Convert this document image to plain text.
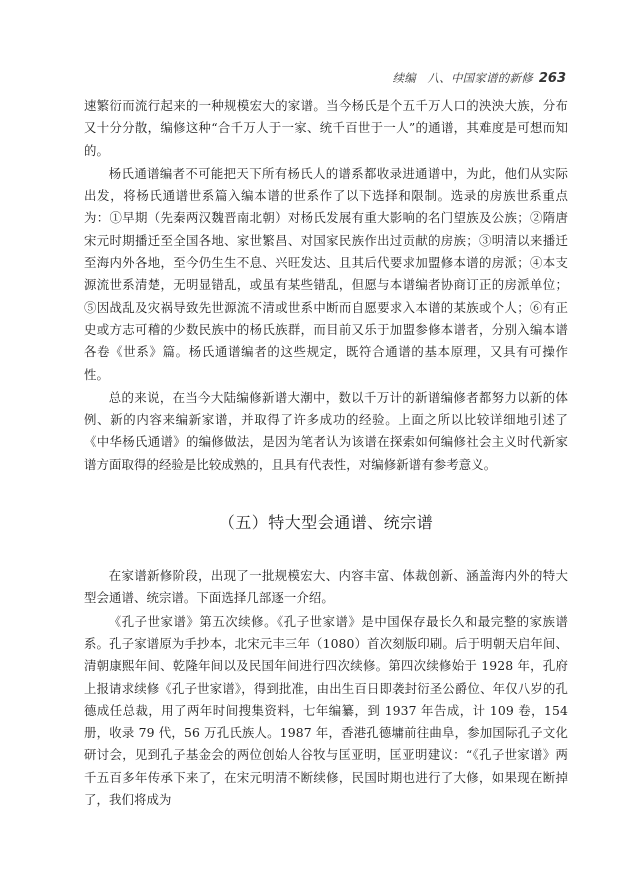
续编　八、中国家谱的新修 263

速繁衍而流行起来的一种规模宏大的家谱。当今杨氏是个五千万人口的泱泱大族，分布又十分分散，编修这种“合千万人于一家、统千百世于一人”的通谱，其难度是可想而知的。

杨氏通谱编者不可能把天下所有杨氏人的谱系都收录进通谱中，为此，他们从实际出发，将杨氏通谱世系篇入编本谱的世系作了以下选择和限制。选录的房族世系重点为：①早期（先秦两汉魏晋南北朝）对杨氏发展有重大影响的名门望族及公族；②隋唐宋元时期播迁至全国各地、家世繁昌、对国家民族作出过贡献的房族；③明清以来播迁至海内外各地，至今仍生生不息、兴旺发达、且其后代要求加盟修本谱的房派；④本支源流世系清楚，无明显错乱，或虽有某些错乱，但愿与本谱编者协商订正的房派单位；⑤因战乱及灾祸导致先世源流不清或世系中断而自愿要求入本谱的某族或个人；⑥有正史或方志可稽的少数民族中的杨氏族群，而目前又乐于加盟参修本谱者，分别入编本谱各卷《世系》篇。杨氏通谱编者的这些规定，既符合通谱的基本原理，又具有可操作性。

总的来说，在当今大陆编修新谱大潮中，数以千万计的新谱编修者都努力以新的体例、新的内容来编新家谱，并取得了许多成功的经验。上面之所以比较详细地引述了《中华杨氏通谱》的编修做法，是因为笔者认为该谱在探索如何编修社会主义时代新家谱方面取得的经验是比较成熟的，且具有代表性，对编修新谱有参考意义。

（五）特大型会通谱、统宗谱

在家谱新修阶段，出现了一批规模宏大、内容丰富、体裁创新、涵盖海内外的特大型会通谱、统宗谱。下面选择几部逐一介绍。

《孔子世家谱》第五次续修。《孔子世家谱》是中国保存最长久和最完整的家族谱系。孔子家谱原为手抄本，北宋元丰三年（1080）首次刻版印刷。后于明朝天启年间、清朝康熙年间、乾隆年间以及民国年间进行四次续修。第四次续修始于 1928 年，孔府上报请求续修《孔子世家谱》，得到批准，由出生百日即袭封衍圣公爵位、年仅八岁的孔德成任总裁，用了两年时间搜集资料，七年编纂，到 1937 年告成，计 109 卷，154 册，收录 79 代，56 万孔氏族人。1987 年，香港孔德墉前往曲阜，参加国际孔子文化研讨会，见到孔子基金会的两位创始人谷牧与匡亚明，匡亚明建议：“《孔子世家谱》两千五百多年传承下来了，在宋元明清不断续修，民国时期也进行了大修，如果现在断掉了，我们将成为
